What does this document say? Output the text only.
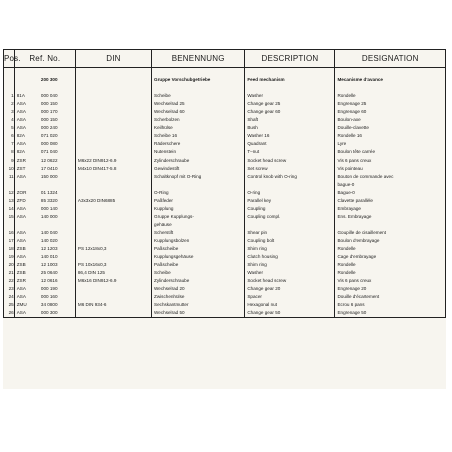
Pos.	Ref. No.		DIN	BENENNUNG	DESCRIPTION	DESIGNATION

		200 300		Gruppe Vorschubgetriebe	Feed mechanism	Mecanisme d'avance

1	81A	000 040		Scheibe	Washer	Rondelle
2	ASA	000 150		Wechselrad 25	Change gear 25	Engrenage 25
3	ASA	000 170		Wechselrad 60	Change gear 60	Engrenage 60
4	ASA	000 150		Scherbolzen	Shaft	Boulon-axe
5	ASA	000 240		Keilhülse	Bush	Douille-clavette
6	82A	071 020		Scheibe 16	Washer 16	Rondelle 16
7	ASA	000 080		Räderschere	Quadrant	Lyre
8	82A	071 040		Nutenstein	T–nut	Boulon tête carrée
9	ZSR	12 0622	M6x22 DIN912-6.9	Zylinderschraube	Socket head screw	Vis 6 pans creux
10	ZST	17 0410	M4x10 DIN417-5.8	Gewindestift	Set screw	Vis pointeau
11	ASA	150 000		Schaltknopf mit O-Ring	Control knob with O-ring	Bouton de commande avec
						bague-0
12	ZOR	01 1324		O-Ring	O-ring	Bague-0
13	ZFD	85 3320	A3x3x20 DIN6885	Paßfeder	Parallel key	Clavette parallèle
14	ASA	000 140		Kupplung	Coupling	Embrayage
15	ASA	140 000		Gruppe Kupplungs-	Coupling compl.	Ens. Embrayage
				gehäuse		
16	ASA	140 040		Scherstift	Shear pin	Goupille de cisaillement
17	ASA	140 020		Kupplungsbolzen	Coupling bolt	Boulon d'embrayage
18	ZSB	12 1203	PS 12x18x0,3	Paßscheibe	Shim ring	Rondelle
19	ASA	140 010		Kupplungsgehäuse	Clutch housing	Cage d'embrayage
20	ZSB	12 1003	PS 10x16x0,3	Paßscheibe	Shim ring	Rondelle
21	ZSB	25 0640	86,4 DIN 125	Scheibe	Washer	Rondelle
22	ZSR	12 0616	M6x16 DIN912-6.9	Zylinderschraube	Socket head screw	Vis 6 pans creux
23	ASA	000 190		Wechselrad 20	Change gear 20	Engrenage 20
24	ASA	000 160		Zwischenhülse	Spacer	Douille d'écartement
25	ZMU	34 0800	M6 DIN 934-6	Sechskantmutter	Hexagonal nut	Ecrou 6 pans
26	ASA	000 300		Wechselrad 50	Change gear 50	Engrenage 50
